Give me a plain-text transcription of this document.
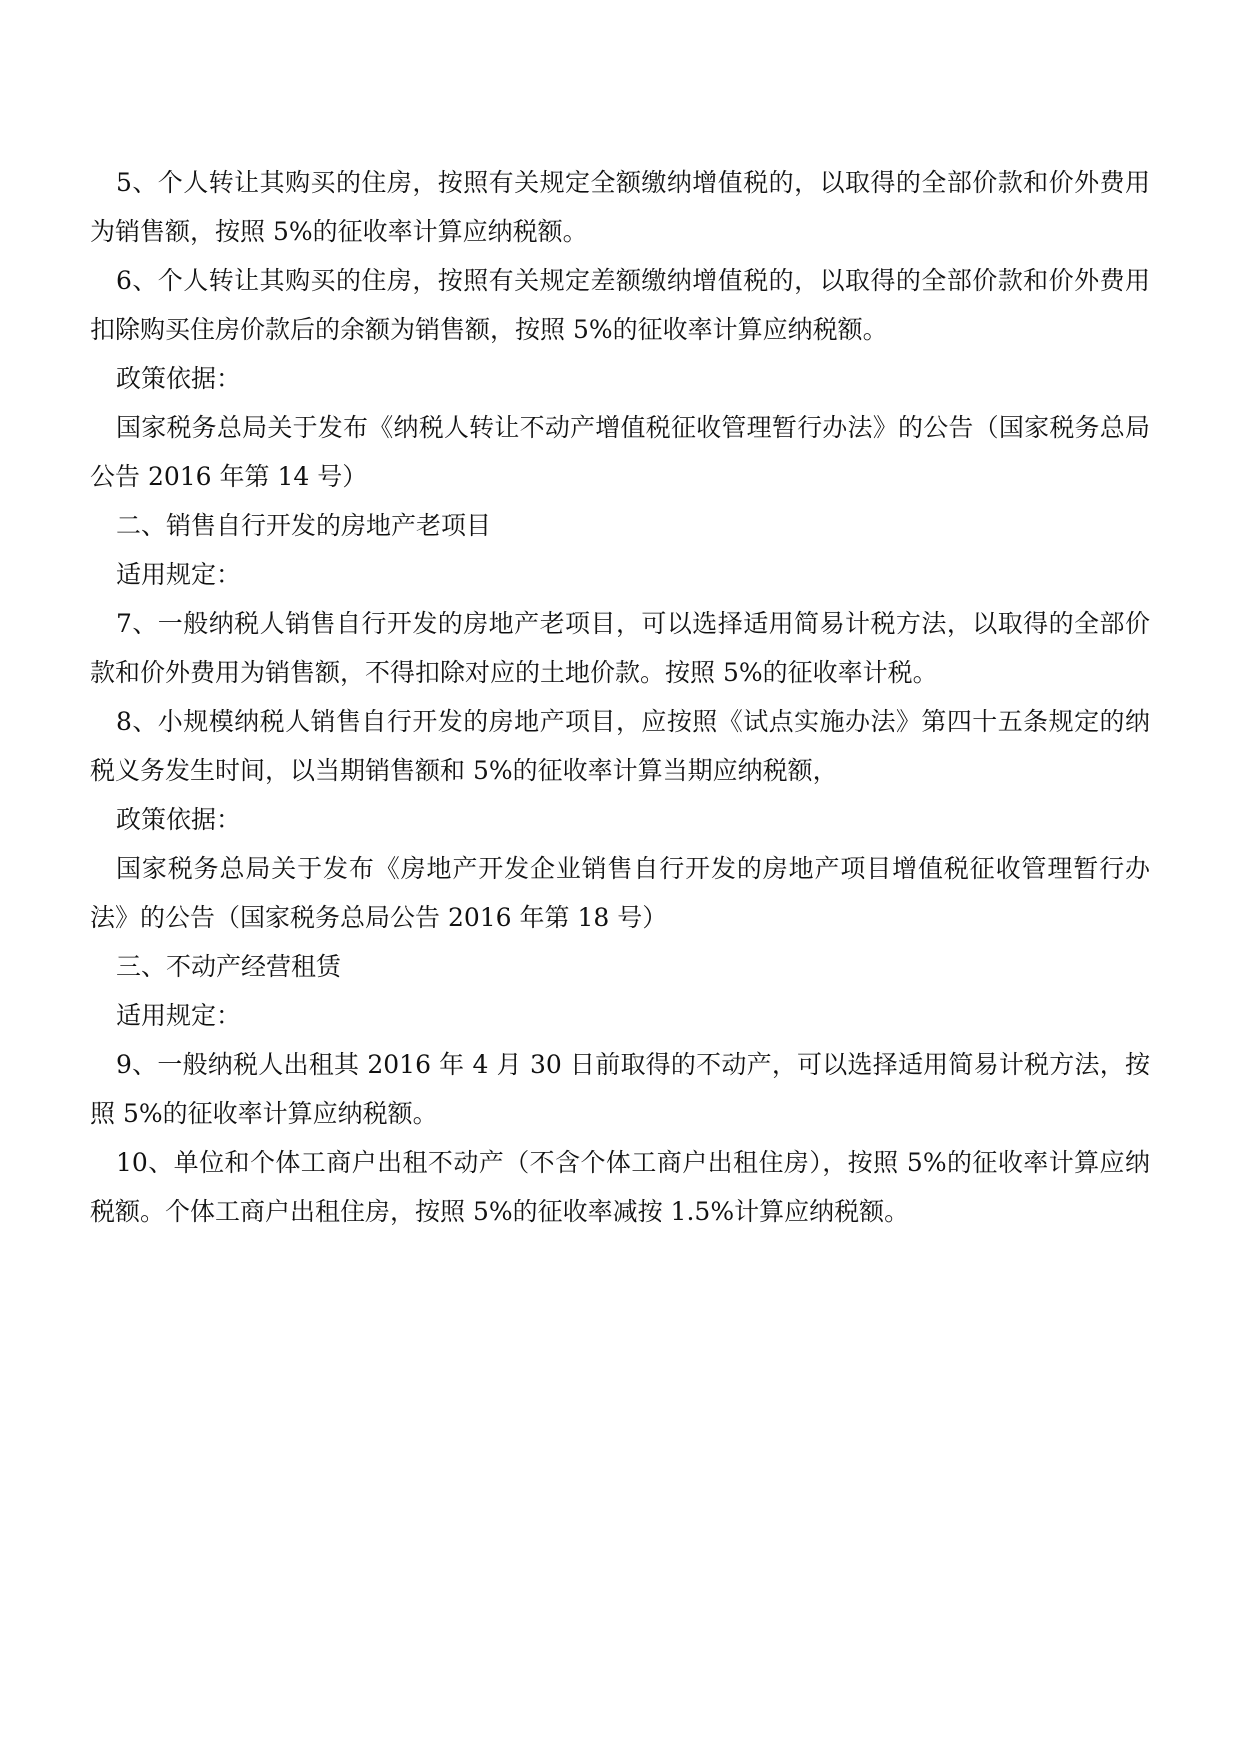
5、个人转让其购买的住房，按照有关规定全额缴纳增值税的，以取得的全部价款和价外费用为销售额，按照 5%的征收率计算应纳税额。

6、个人转让其购买的住房，按照有关规定差额缴纳增值税的，以取得的全部价款和价外费用扣除购买住房价款后的余额为销售额，按照 5%的征收率计算应纳税额。

政策依据：

国家税务总局关于发布《纳税人转让不动产增值税征收管理暂行办法》的公告（国家税务总局公告 2016 年第 14 号）

二、销售自行开发的房地产老项目

适用规定：

7、一般纳税人销售自行开发的房地产老项目，可以选择适用简易计税方法，以取得的全部价款和价外费用为销售额，不得扣除对应的土地价款。按照 5%的征收率计税。

8、小规模纳税人销售自行开发的房地产项目，应按照《试点实施办法》第四十五条规定的纳税义务发生时间，以当期销售额和 5%的征收率计算当期应纳税额，

政策依据：

国家税务总局关于发布《房地产开发企业销售自行开发的房地产项目增值税征收管理暂行办法》的公告（国家税务总局公告 2016 年第 18 号）

三、不动产经营租赁

适用规定：

9、一般纳税人出租其 2016 年 4 月 30 日前取得的不动产，可以选择适用简易计税方法，按照 5%的征收率计算应纳税额。

10、单位和个体工商户出租不动产（不含个体工商户出租住房），按照 5%的征收率计算应纳税额。个体工商户出租住房，按照 5%的征收率减按 1.5%计算应纳税额。
